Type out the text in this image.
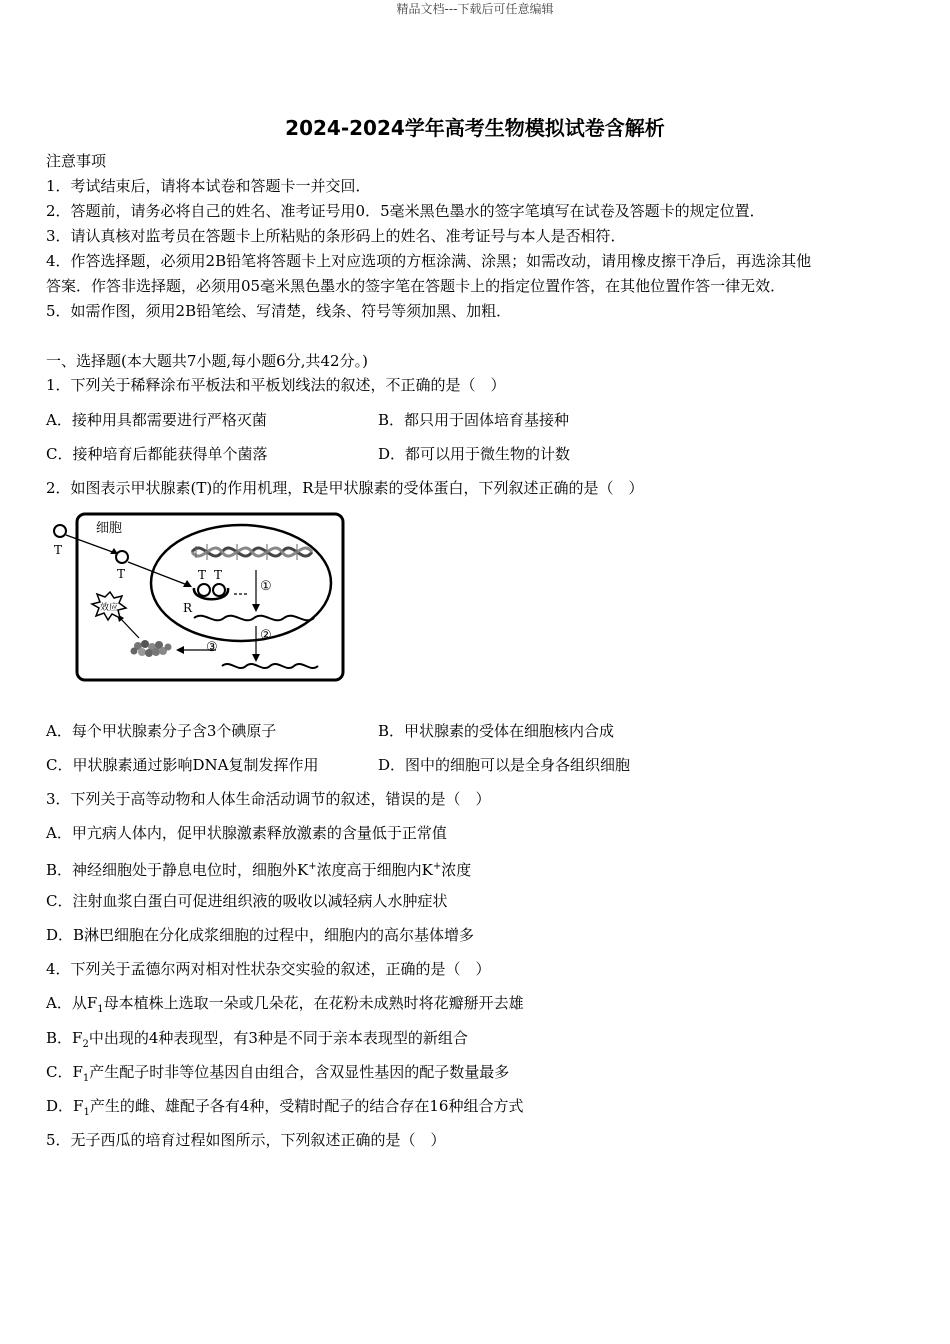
精品文档---下载后可任意编辑
2024-2024学年高考生物模拟试卷含解析
注意事项
1．考试结束后，请将本试卷和答题卡一并交回．
2．答题前，请务必将自己的姓名、准考证号用0．5毫米黑色墨水的签字笔填写在试卷及答题卡的规定位置．
3．请认真核对监考员在答题卡上所粘贴的条形码上的姓名、准考证号与本人是否相符．
4．作答选择题，必须用2B铅笔将答题卡上对应选项的方框涂满、涂黑；如需改动，请用橡皮擦干净后，再选涂其他
答案．作答非选择题，必须用05毫米黑色墨水的签字笔在答题卡上的指定位置作答，在其他位置作答一律无效．
5．如需作图，须用2B铅笔绘、写清楚，线条、符号等须加黑、加粗．
一、选择题(本大题共7小题,每小题6分,共42分。)
1．下列关于稀释涂布平板法和平板划线法的叙述，不正确的是（　）
A．接种用具都需要进行严格灭菌	B．都只用于固体培育基接种
C．接种培育后都能获得单个菌落	D．都可以用于微生物的计数
2．如图表示甲状腺素(T)的作用机理，R是甲状腺素的受体蛋白，下列叙述正确的是（　）
细胞
T
T	T T
R
①
②
③
效应
A．每个甲状腺素分子含3个碘原子	B．甲状腺素的受体在细胞核内合成
C．甲状腺素通过影响DNA复制发挥作用	D．图中的细胞可以是全身各组织细胞
3．下列关于高等动物和人体生命活动调节的叙述，错误的是（　）
A．甲亢病人体内，促甲状腺激素释放激素的含量低于正常值
B．神经细胞处于静息电位时，细胞外K+浓度高于细胞内K+浓度
C．注射血浆白蛋白可促进组织液的吸收以减轻病人水肿症状
D．B淋巴细胞在分化成浆细胞的过程中，细胞内的高尔基体增多
4．下列关于孟德尔两对相对性状杂交实验的叙述，正确的是（　）
A．从$F_1$母本植株上选取一朵或几朵花，在花粉未成熟时将花瓣掰开去雄
B．$F_2$中出现的4种表现型，有3种是不同于亲本表现型的新组合
C．$F_1$产生配子时非等位基因自由组合，含双显性基因的配子数量最多
D．$F_1$产生的雌、雄配子各有4种，受精时配子的结合存在16种组合方式
5．无子西瓜的培育过程如图所示，下列叙述正确的是（　）
